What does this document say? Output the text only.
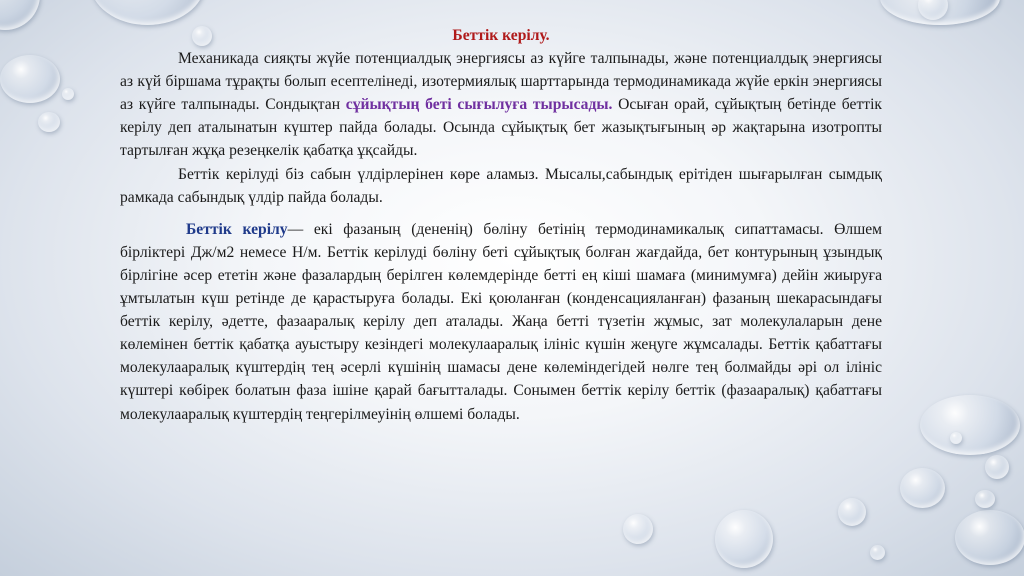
Беттік керілу.

Механикада сияқты жүйе потенциалдық энергиясы аз күйге талпынады, және потенциалдық энергиясы аз күй біршама тұрақты болып есептелінеді, изотермиялық шарттарында термодинамикада жүйе еркін энергиясы аз күйге талпынады. Сондықтан сұйықтың беті сығылуға тырысады. Осыған орай, сұйықтың бетінде беттік керілу деп аталынатын күштер пайда болады. Осында сұйықтық бет жазықтығының әр жақтарына изотропты тартылған жұқа резеңкелік қабатқа ұқсайды.

Беттік керілуді біз сабын үлдірлерінен көре аламыз. Мысалы,сабындық ерітіден шығарылған сымдық рамкада сабындық үлдір пайда болады.

Беттік керілу— екі фазаның (дененің) бөлiну бетiнiң термодинамикалық сипаттамасы. Өлшем бірліктері Дж/м2 немесе Н/м. Беттік керілуді бөлiну бетi сұйықтық болған жағдайда, бет контурының ұзындық бірлігіне әсер ететін және фазалардың берілген көлемдерінде бетті ең кіші шамаға (минимумға) дейін жиыруға ұмтылатын күш ретінде де қарастыруға болады. Екі қоюланған (конденсацияланған) фазаның шекарасындағы беттік керілу, әдетте, фазааралық керілу деп аталады. Жаңа бетті түзетін жұмыс, зат молекулаларын дене көлемінен беттік қабатқа ауыстыру кезіндегі молекулааралық ілініс күшін жеңуге жұмсалады. Беттік қабаттағы молекулааралық күштердің тең әсерлі күшінің шамасы дене көлеміндегідей нөлге тең болмайды әрі ол ілініс күштері көбірек болатын фаза ішіне қарай бағытталады. Сонымен беттік керілу беттік (фазааралық) қабаттағы молекулааралық күштердің теңгерілмеуінің өлшемі болады.
